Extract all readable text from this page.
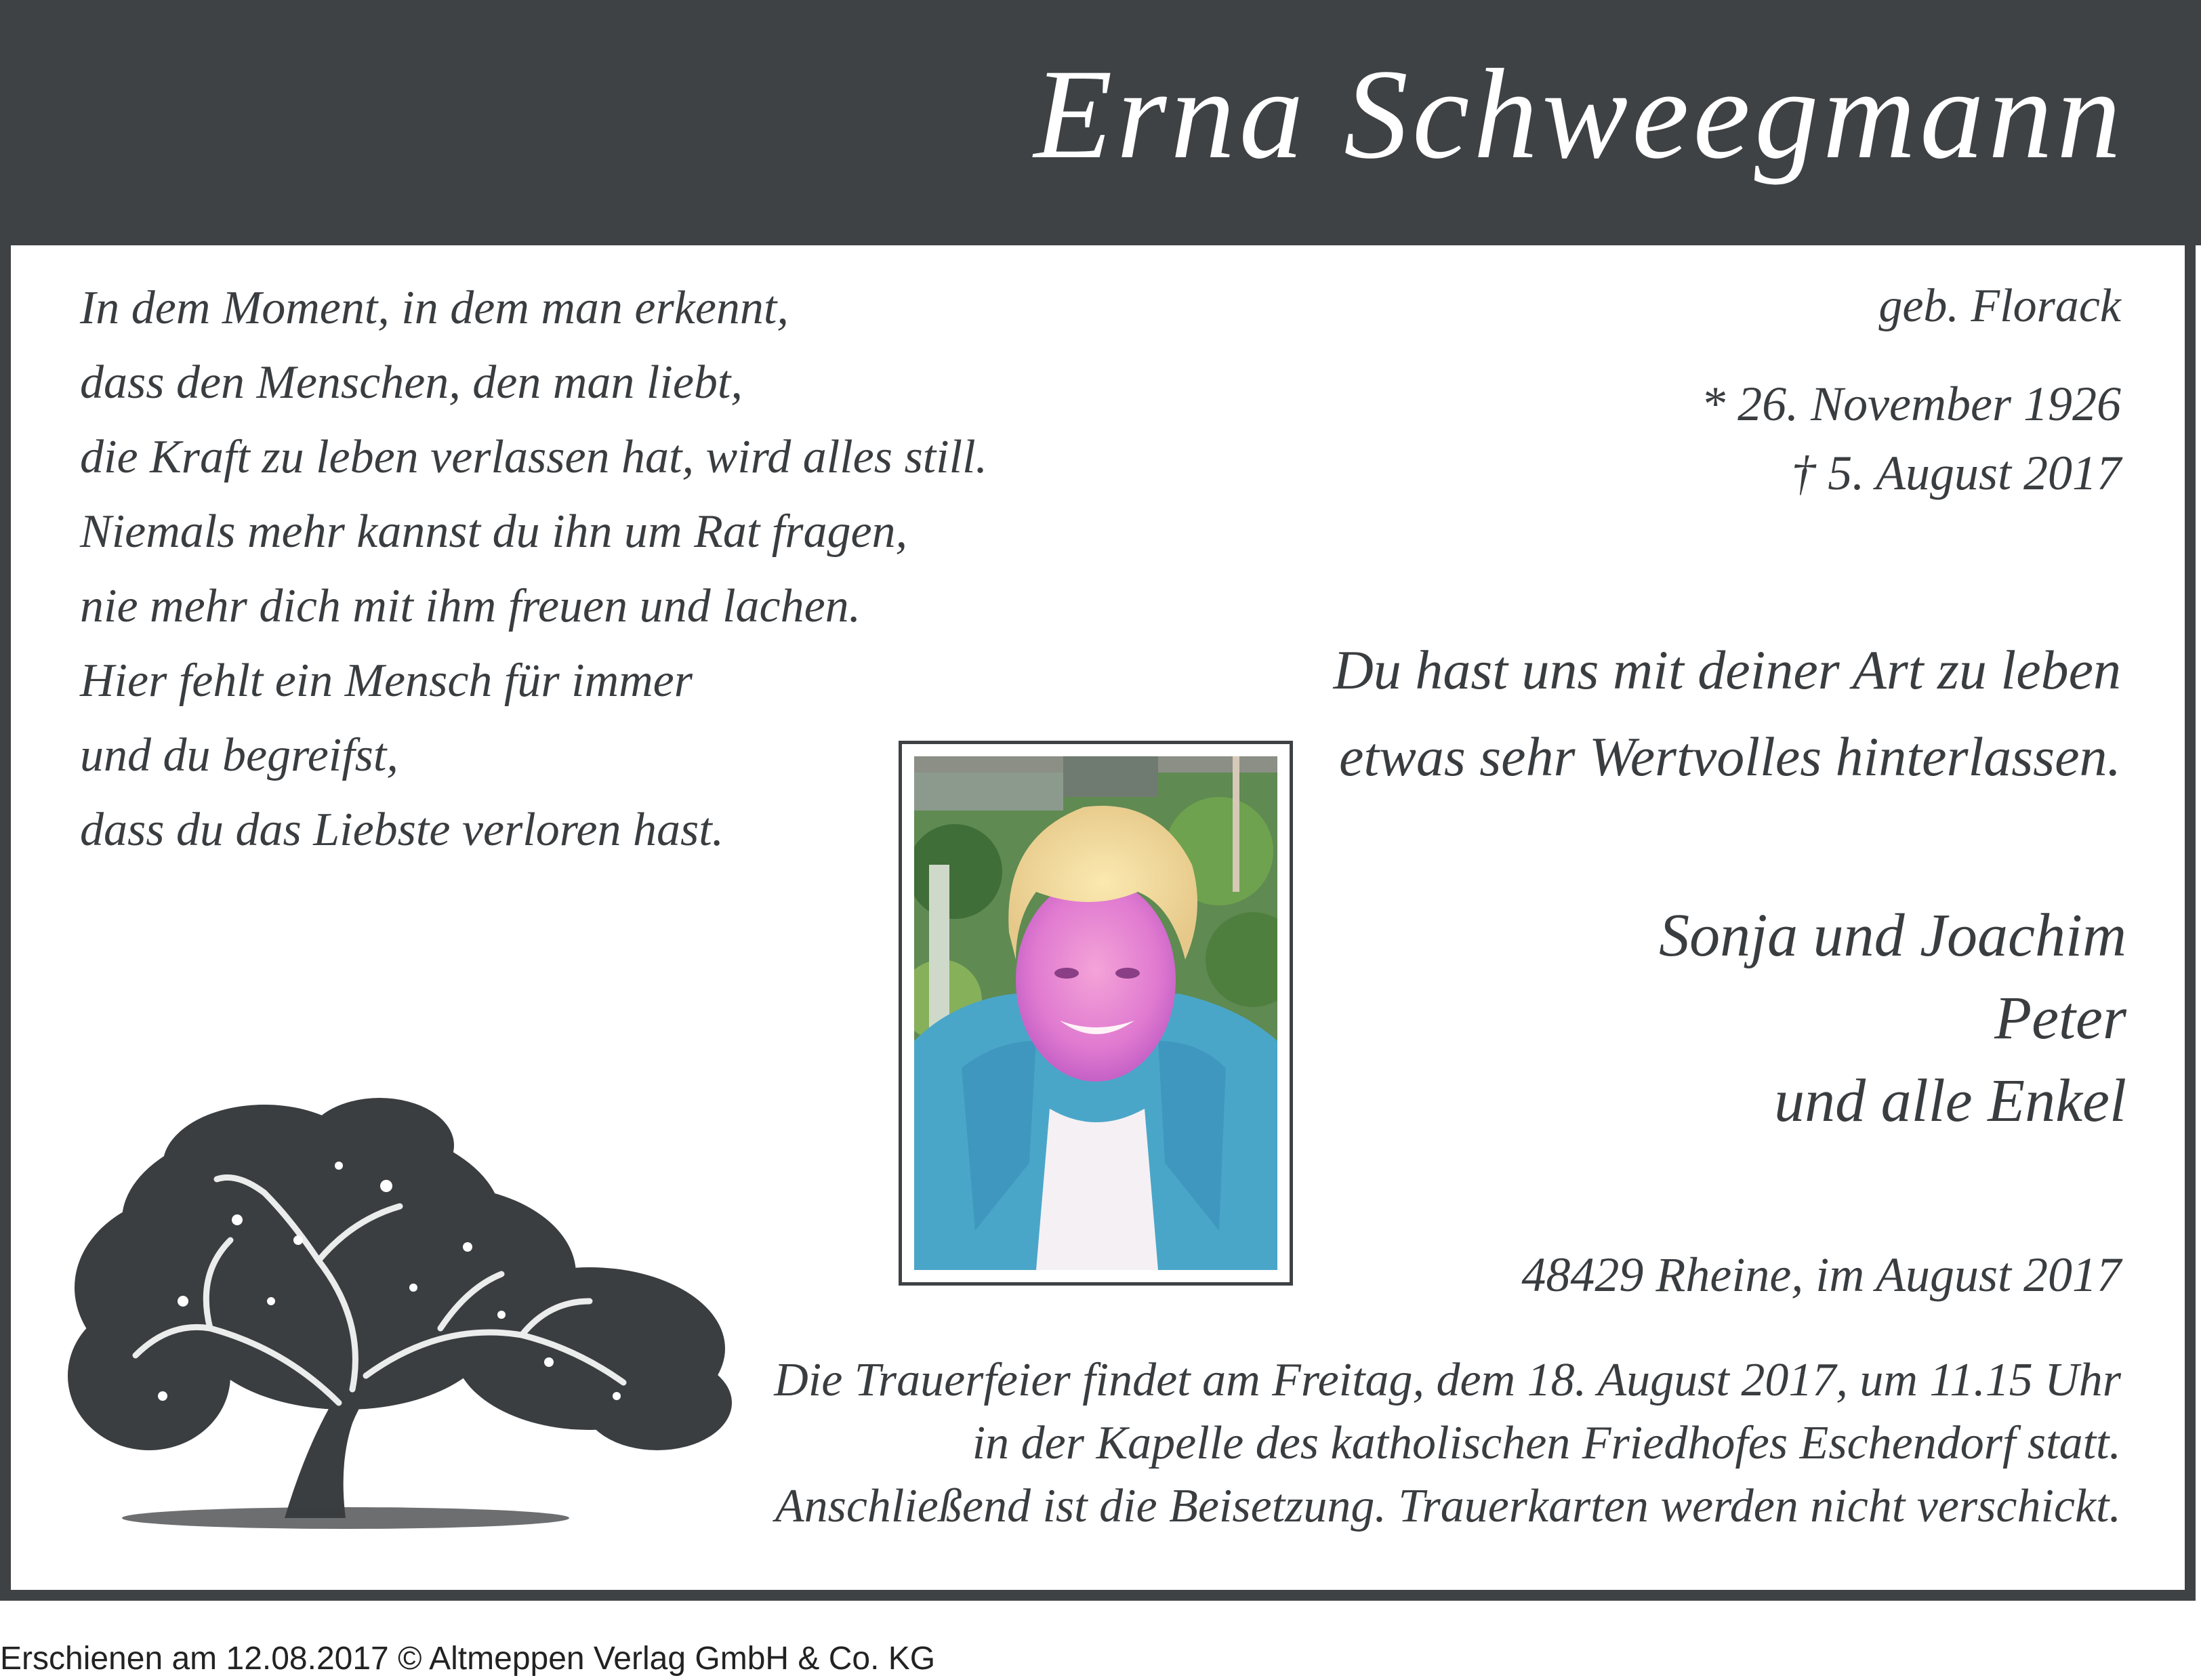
Erna Schweegmann
In dem Moment, in dem man erkennt,
dass den Menschen, den man liebt,
die Kraft zu leben verlassen hat, wird alles still.
Niemals mehr kannst du ihn um Rat fragen,
nie mehr dich mit ihm freuen und lachen.
Hier fehlt ein Mensch für immer
und du begreifst,
dass du das Liebste verloren hast.
geb. Florack
* 26. November 1926
† 5. August 2017
Du hast uns mit deiner Art zu leben
etwas sehr Wertvolles hinterlassen.
Sonja und Joachim
Peter
und alle Enkel
48429 Rheine, im August 2017
Die Trauerfeier findet am Freitag, dem 18. August 2017, um 11.15 Uhr
in der Kapelle des katholischen Friedhofes Eschendorf statt.
Anschließend ist die Beisetzung. Trauerkarten werden nicht verschickt.
Erschienen am 12.08.2017 © Altmeppen Verlag GmbH & Co. KG
